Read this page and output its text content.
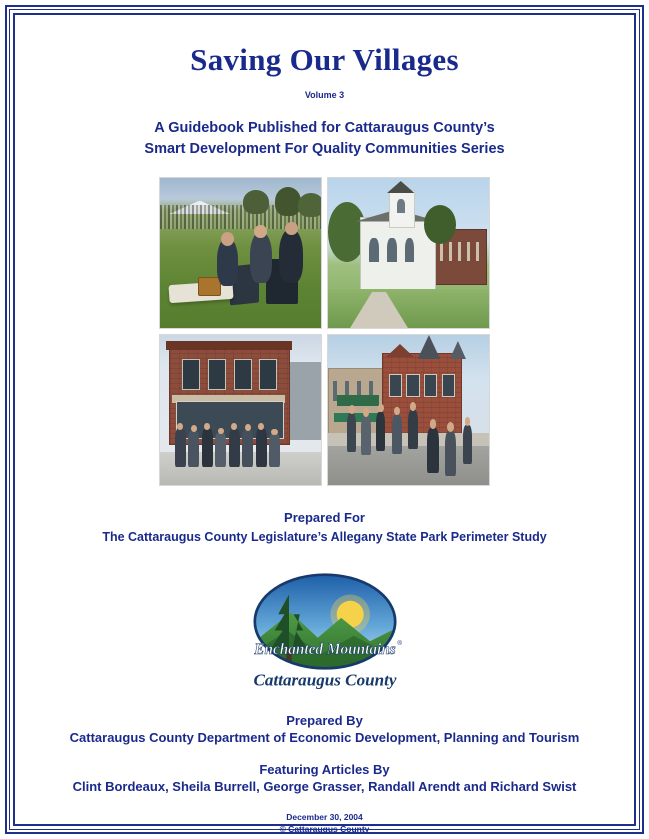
Saving Our Villages
Volume 3
A Guidebook Published for Cattaraugus County’s
Smart Development For Quality Communities Series
Prepared For
The Cattaraugus County Legislature’s Allegany State Park Perimeter Study
Enchanted Mountains ®
Cattaraugus County
Prepared By
Cattaraugus County Department of Economic Development, Planning and Tourism
Featuring Articles By
Clint Bordeaux, Sheila Burrell, George Grasser, Randall Arendt and Richard Swist
December 30, 2004
© Cattaraugus County
